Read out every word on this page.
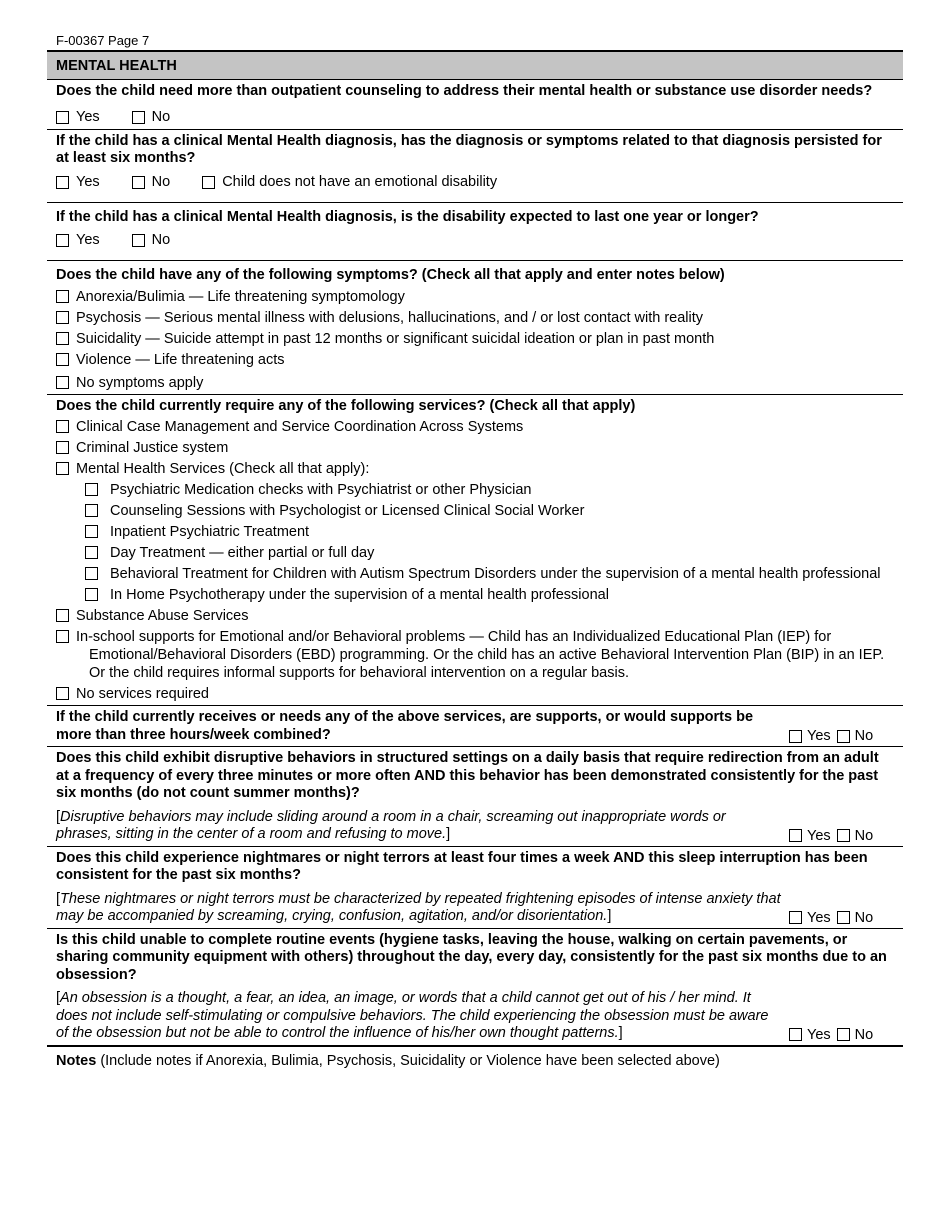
F-00367 Page 7
MENTAL HEALTH
Does the child need more than outpatient counseling to address their mental health or substance use disorder needs?
Yes	No
If the child has a clinical Mental Health diagnosis, has the diagnosis or symptoms related to that diagnosis persisted for at least six months?
Yes	No	Child does not have an emotional disability
If the child has a clinical Mental Health diagnosis, is the disability expected to last one year or longer?
Yes	No
Does the child have any of the following symptoms? (Check all that apply and enter notes below)
Anorexia/Bulimia — Life threatening symptomology
Psychosis — Serious mental illness with delusions, hallucinations, and / or lost contact with reality
Suicidality — Suicide attempt in past 12 months or significant suicidal ideation or plan in past month
Violence — Life threatening acts
No symptoms apply
Does the child currently require any of the following services? (Check all that apply)
Clinical Case Management and Service Coordination Across Systems
Criminal Justice system
Mental Health Services (Check all that apply):
Psychiatric Medication checks with Psychiatrist or other Physician
Counseling Sessions with Psychologist or Licensed Clinical Social Worker
Inpatient Psychiatric Treatment
Day Treatment — either partial or full day
Behavioral Treatment for Children with Autism Spectrum Disorders under the supervision of a mental health professional
In Home Psychotherapy under the supervision of a mental health professional
Substance Abuse Services
In-school supports for Emotional and/or Behavioral problems — Child has an Individualized Educational Plan (IEP) for Emotional/Behavioral Disorders (EBD) programming. Or the child has an active Behavioral Intervention Plan (BIP) in an IEP. Or the child requires informal supports for behavioral intervention on a regular basis.
No services required
If the child currently receives or needs any of the above services, are supports, or would supports be more than three hours/week combined?	Yes No
Does this child exhibit disruptive behaviors in structured settings on a daily basis that require redirection from an adult at a frequency of every three minutes or more often AND this behavior has been demonstrated consistently for the past six months (do not count summer months)?
[Disruptive behaviors may include sliding around a room in a chair, screaming out inappropriate words or phrases, sitting in the center of a room and refusing to move.]	Yes No
Does this child experience nightmares or night terrors at least four times a week AND this sleep interruption has been consistent for the past six months?
[These nightmares or night terrors must be characterized by repeated frightening episodes of intense anxiety that may be accompanied by screaming, crying, confusion, agitation, and/or disorientation.]	Yes No
Is this child unable to complete routine events (hygiene tasks, leaving the house, walking on certain pavements, or sharing community equipment with others) throughout the day, every day, consistently for the past six months due to an obsession?
[An obsession is a thought, a fear, an idea, an image, or words that a child cannot get out of his / her mind. It does not include self-stimulating or compulsive behaviors. The child experiencing the obsession must be aware of the obsession but not be able to control the influence of his/her own thought patterns.]	Yes No
Notes (Include notes if Anorexia, Bulimia, Psychosis, Suicidality or Violence have been selected above)
